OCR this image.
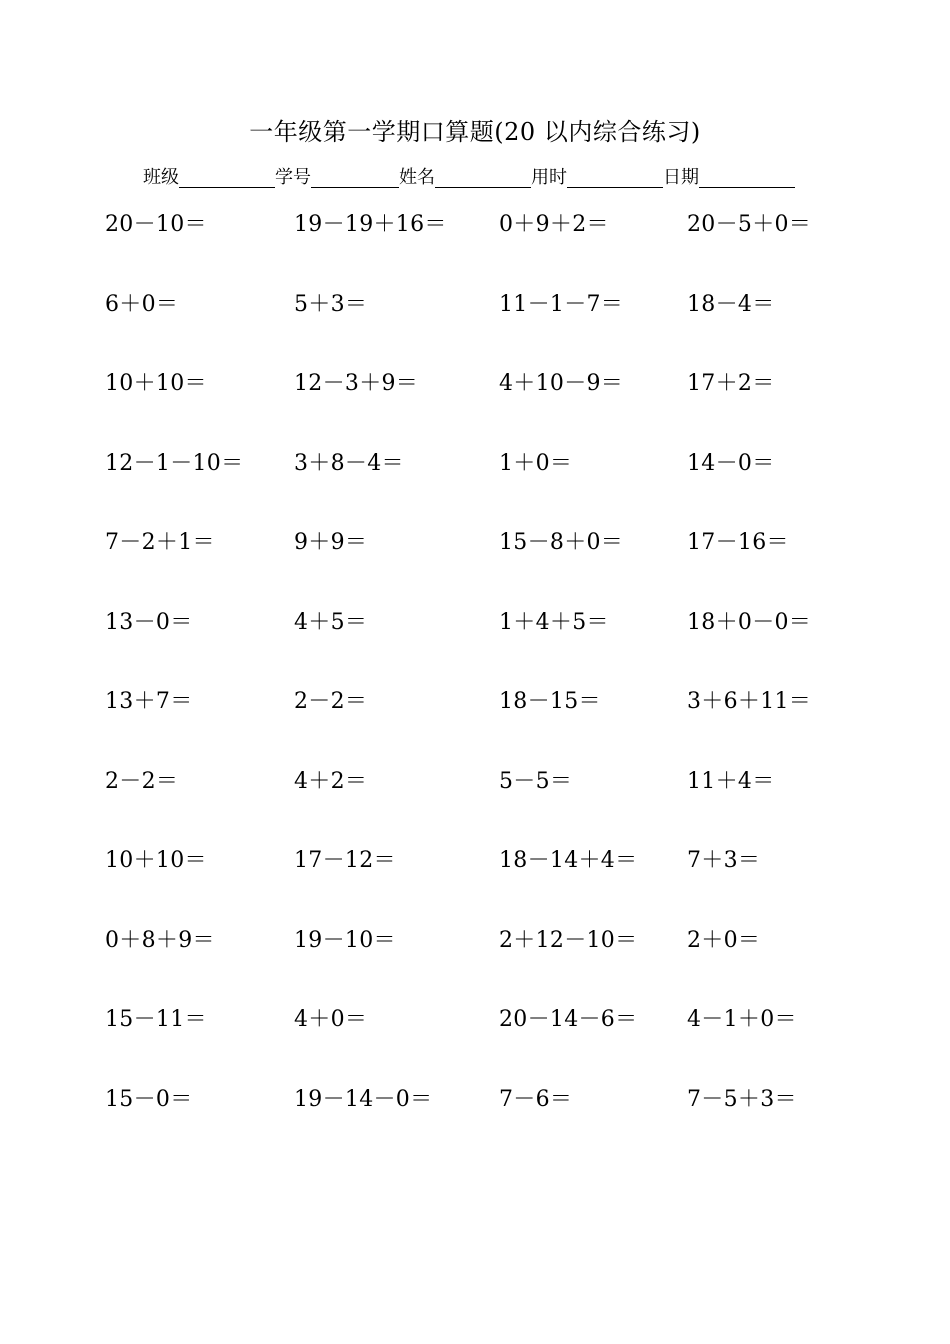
一年级第一学期口算题(20 以内综合练习)
班级	学号	姓名	用时	日期
20－10＝	19－19＋16＝	0＋9＋2＝	20－5＋0＝
6＋0＝	5＋3＝	11－1－7＝	18－4＝
10＋10＝	12－3＋9＝	4＋10－9＝	17＋2＝
12－1－10＝	3＋8－4＝	1＋0＝	14－0＝
7－2＋1＝	9＋9＝	15－8＋0＝	17－16＝
13－0＝	4＋5＝	1＋4＋5＝	18＋0－0＝
13＋7＝	2－2＝	18－15＝	3＋6＋11＝
2－2＝	4＋2＝	5－5＝	11＋4＝
10＋10＝	17－12＝	18－14＋4＝	7＋3＝
0＋8＋9＝	19－10＝	2＋12－10＝	2＋0＝
15－11＝	4＋0＝	20－14－6＝	4－1＋0＝
15－0＝	19－14－0＝	7－6＝	7－5＋3＝
